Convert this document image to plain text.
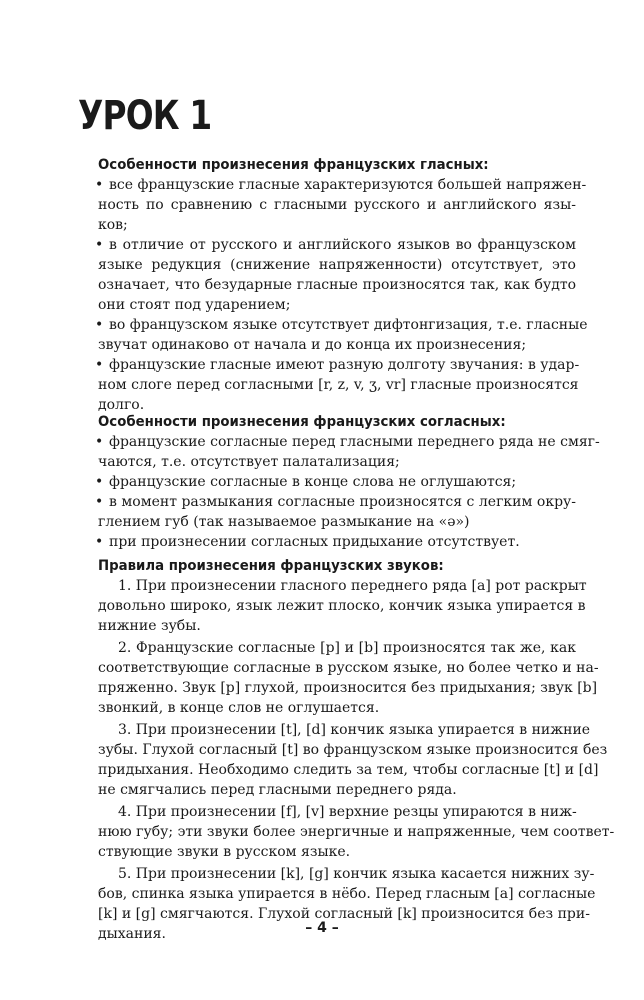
УРОК 1
Особенности произнесения французских гласных:
• все французские гласные характеризуются большей напряжен-
ность по сравнению с гласными русского и английского язы-
ков;
• в отличие от русского и английского языков во французском
языке редукция (снижение напряженности) отсутствует, это
означает, что безударные гласные произносятся так, как будто
они стоят под ударением;
• во французском языке отсутствует дифтонгизация, т.е. гласные
звучат одинаково от начала и до конца их произнесения;
• французские гласные имеют разную долготу звучания: в удар-
ном слоге перед согласными [r, z, v, ʒ, vr] гласные произносятся
долго.
Особенности произнесения французских согласных:
• французские согласные перед гласными переднего ряда не смяг-
чаются, т.е. отсутствует палатализация;
• французские согласные в конце слова не оглушаются;
• в момент размыкания согласные произносятся с легким окру-
глением губ (так называемое размыкание на «ә»)
• при произнесении согласных придыхание отсутствует.
Правила произнесения французских звуков:
1. При произнесении гласного переднего ряда [a] рот раскрыт
довольно широко, язык лежит плоско, кончик языка упирается в
нижние зубы.
2. Французские согласные [p] и [b] произносятся так же, как
соответствующие согласные в русском языке, но более четко и на-
пряженно. Звук [p] глухой, произносится без придыхания; звук [b]
звонкий, в конце слов не оглушается.
3. При произнесении [t], [d] кончик языка упирается в нижние
зубы. Глухой согласный [t] во французском языке произносится без
придыхания. Необходимо следить за тем, чтобы согласные [t] и [d]
не смягчались перед гласными переднего ряда.
4. При произнесении [f], [v] верхние резцы упираются в ниж-
нюю губу; эти звуки более энергичные и напряженные, чем соответ-
ствующие звуки в русском языке.
5. При произнесении [k], [g] кончик языка касается нижних зу-
бов, спинка языка упирается в нёбо. Перед гласным [a] согласные
[k] и [g] смягчаются. Глухой согласный [k] произносится без при-
дыхания.	– 4 –
